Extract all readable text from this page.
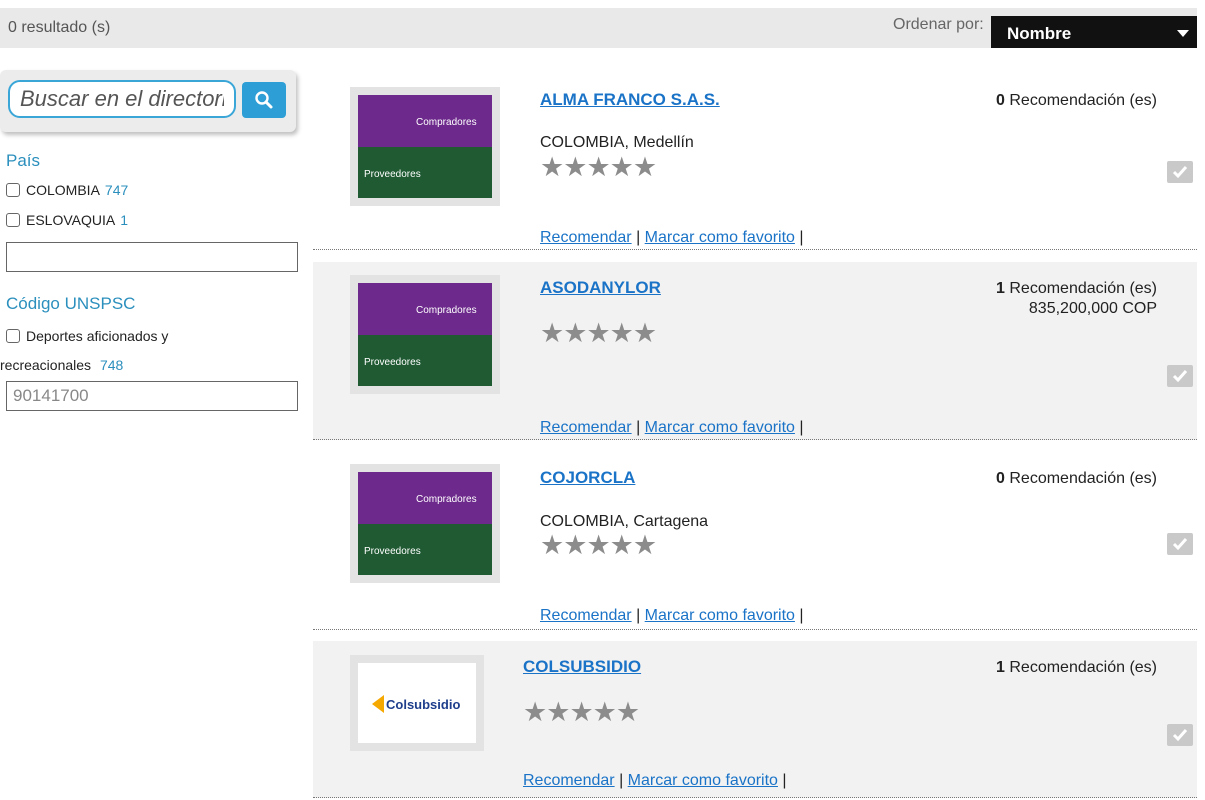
0 resultado (s)	Ordenar por: Nombre
Buscar en el directorio
País
COLOMBIA 747
ESLOVAQUIA 1
Código UNSPSC
Deportes aficionados y
recreacionales 748
90141700
Compradores
Proveedores
ALMA FRANCO S.A.S.
COLOMBIA, Medellín
★ ★ ★ ★ ★
0 Recomendación (es)
Recomendar | Marcar como favorito |
Compradores
Proveedores
ASODANYLOR
★ ★ ★ ★ ★
1 Recomendación (es)
835,200,000 COP
Recomendar | Marcar como favorito |
Compradores
Proveedores
COJORCLA
COLOMBIA, Cartagena
★ ★ ★ ★ ★
0 Recomendación (es)
Recomendar | Marcar como favorito |
Colsubsidio
COLSUBSIDIO
★ ★ ★ ★ ★
1 Recomendación (es)
Recomendar | Marcar como favorito |
